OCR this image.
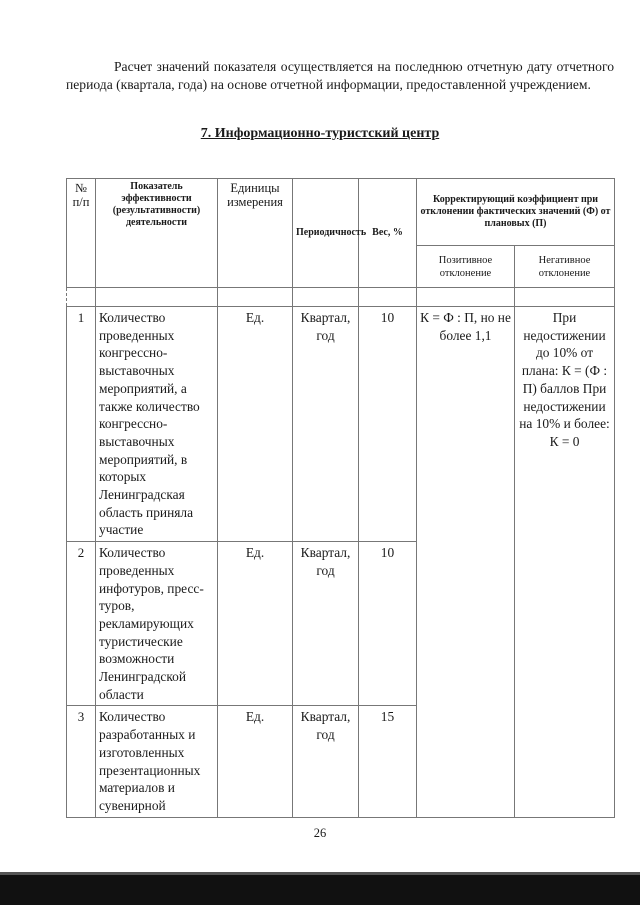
Расчет значений показателя осуществляется на последнюю отчетную дату отчетного периода (квартала, года) на основе отчетной информации, предоставленной учреждением.

7. Информационно-туристский центр
№ п/п	Показатель эффективности (результативности) деятельности	Единицы измерения	Периодичность	Вес, %	Корректирующий коэффициент при отклонении фактических значений (Ф) от плановых (П)	
					Позитивное отклонение	Негативное отклонение

1	Количество проведенных конгрессно-выставочных мероприятий, а также количество конгрессно-выставочных мероприятий, в которых Ленинградская область приняла участие	Ед.	Квартал, год	10	К = Ф : П, но не более 1,1	При недостижении до 10% от плана: К = (Ф : П) баллов При недостижении на 10% и более: К = 0
2	Количество проведенных инфотуров, пресс-туров, рекламирующих туристические возможности Ленинградской области	Ед.	Квартал, год	10		
3	Количество разработанных и изготовленных презентационных материалов и сувенирной	Ед.	Квартал, год	15		
26
